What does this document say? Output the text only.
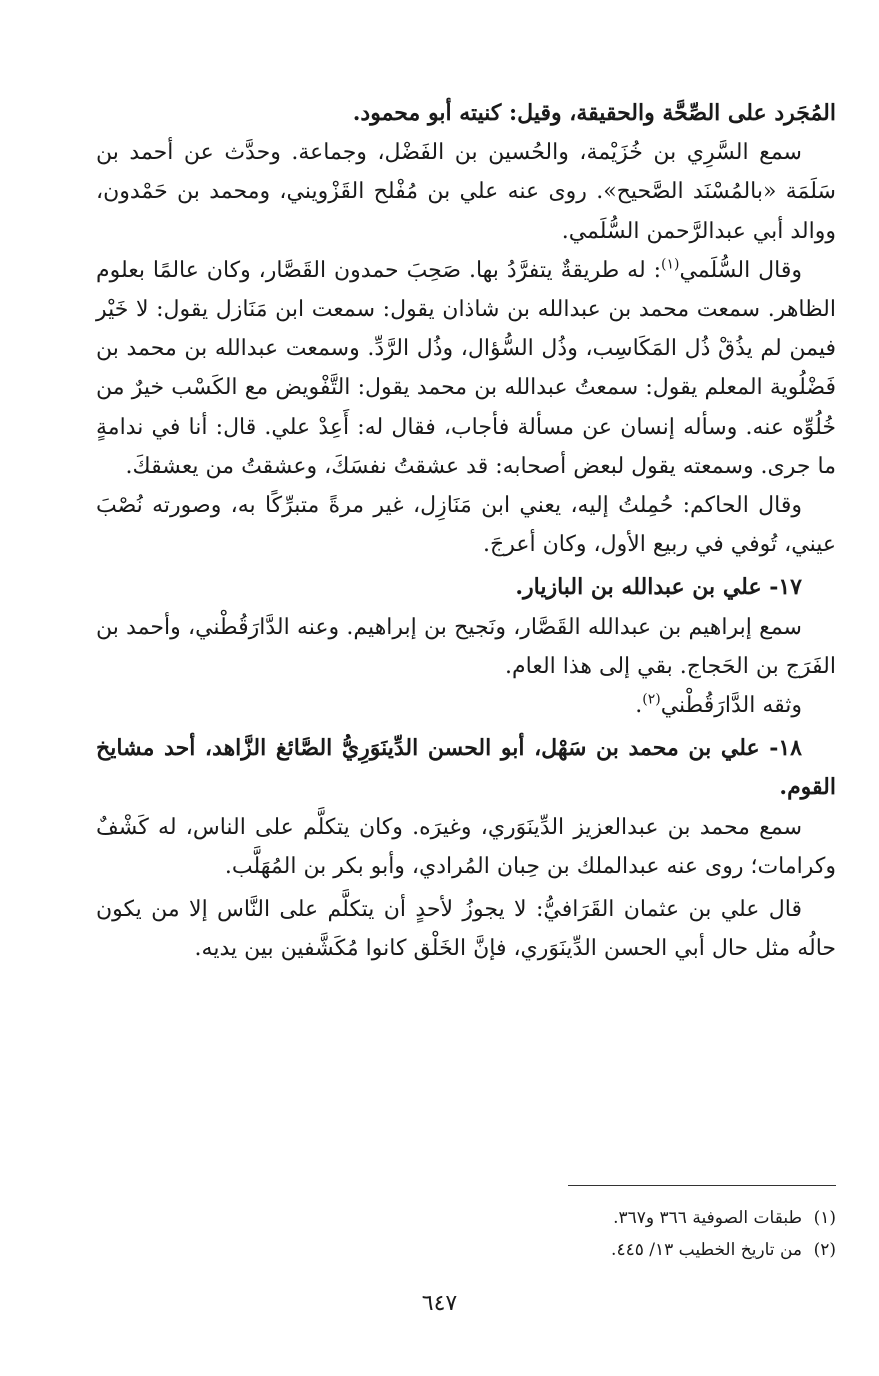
المُجَرد على الصِّحَّة والحقيقة، وقيل: كنيته أبو محمود.

سمع السَّرِي بن خُزَيْمة، والحُسين بن الفَضْل، وجماعة. وحدَّث عن أحمد بن سَلَمَة «بالمُسْنَد الصَّحيح». روى عنه علي بن مُفْلح القَزْويني، ومحمد بن حَمْدون، ووالد أبي عبدالرَّحمن السُّلَمي.

وقال السُّلَمي$^{(١)}$: له طريقةٌ يتفرَّدُ بها. صَحِبَ حمدون القَصَّار، وكان عالمًا بعلوم الظاهر. سمعت محمد بن عبدالله بن شاذان يقول: سمعت ابن مَنَازل يقول: لا خَيْر فيمن لم يذُقْ ذُل المَكَاسِب، وذُل السُّؤال، وذُل الرَّدِّ. وسمعت عبدالله بن محمد بن فَضْلُوية المعلم يقول: سمعتُ عبدالله بن محمد يقول: التَّفْويض مع الكَسْب خيرٌ من خُلُوِّه عنه. وسأله إنسان عن مسألة فأجاب، فقال له: أَعِدْ علي. قال: أنا في ندامةٍ ما جرى. وسمعته يقول لبعض أصحابه: قد عشقتُ نفسَكَ، وعشقتُ من يعشقكَ.

وقال الحاكم: حُمِلتُ إليه، يعني ابن مَنَازِل، غير مرةً متبرِّكًا به، وصورته نُصْبَ عيني، تُوفي في ربيع الأول، وكان أعرجَ.

١٧- علي بن عبدالله بن البازيار.

سمع إبراهيم بن عبدالله القَصَّار، ونَجيح بن إبراهيم. وعنه الدَّارَقُطْني، وأحمد بن الفَرَج بن الحَجاج. بقي إلى هذا العام.

وثقه الدَّارَقُطْني$^{(٢)}$.

١٨- علي بن محمد بن سَهْل، أبو الحسن الدِّينَوَرِيُّ الصَّائغ الزَّاهد، أحد مشايخ القوم.

سمع محمد بن عبدالعزيز الدِّينَوَري، وغيرَه. وكان يتكلَّم على الناس، له كَشْفٌ وكرامات؛ روى عنه عبدالملك بن حِبان المُرادي، وأبو بكر بن المُهَلَّب.

قال علي بن عثمان القَرَافيُّ: لا يجوزُ لأحدٍ أن يتكلَّم على النَّاس إلا من يكون حالُه مثل حال أبي الحسن الدِّينَوَري، فإنَّ الخَلْق كانوا مُكَشَّفين بين يديه.

(١)طبقات الصوفية ٣٦٦ و٣٦٧.

(٢)من تاريخ الخطيب ١٣/ ٤٤٥.

٦٤٧
